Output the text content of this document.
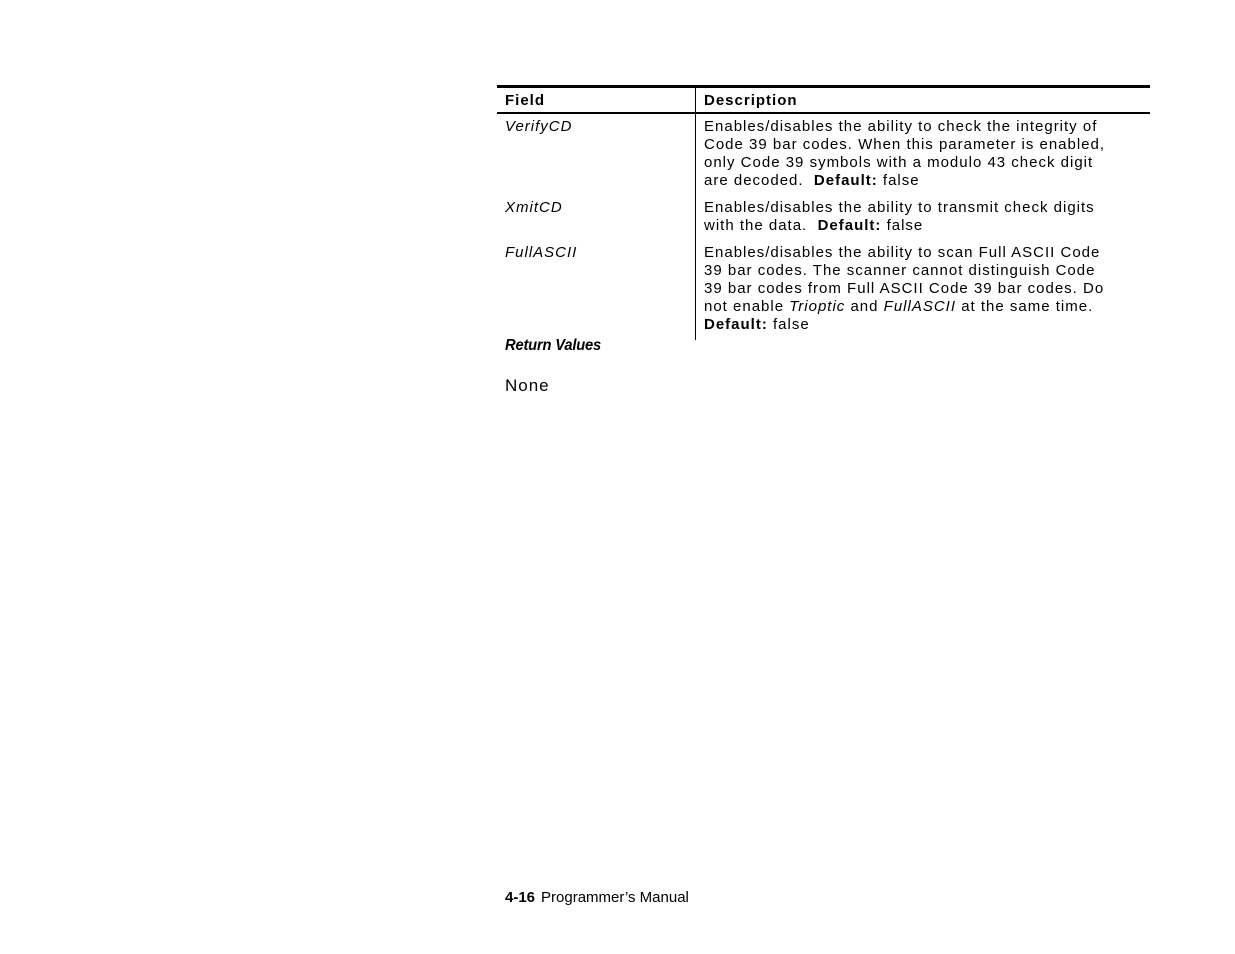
Field	Description
VerifyCD	Enables/disables the ability to check the integrity of
Code 39 bar codes. When this parameter is enabled,
only Code 39 symbols with a modulo 43 check digit
are decoded.  Default: false

XmitCD	Enables/disables the ability to transmit check digits
with the data.  Default: false

FullASCII	Enables/disables the ability to scan Full ASCII Code
39 bar codes. The scanner cannot distinguish Code
39 bar codes from Full ASCII Code 39 bar codes. Do
not enable Trioptic and FullASCII at the same time.
Default: false
Return Values
None
4-16 Programmer’s Manual
